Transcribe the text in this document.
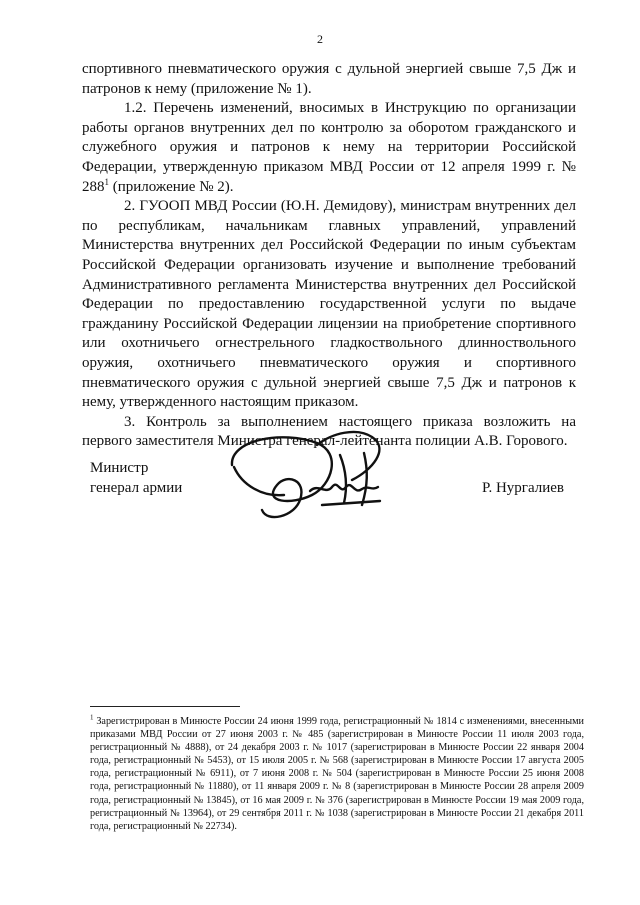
2

спортивного пневматического оружия с дульной энергией свыше 7,5 Дж и патронов к нему (приложение № 1).

1.2. Перечень изменений, вносимых в Инструкцию по организации работы органов внутренних дел по контролю за оборотом гражданского и служебного оружия и патронов к нему на территории Российской Федерации, утвержденную приказом МВД России от 12 апреля 1999 г. № $288^1$ (приложение № 2).

2. ГУООП МВД России (Ю.Н. Демидову), министрам внутренних дел по республикам, начальникам главных управлений, управлений Министерства внутренних дел Российской Федерации по иным субъектам Российской Федерации организовать изучение и выполнение требований Административного регламента Министерства внутренних дел Российской Федерации по предоставлению государственной услуги по выдаче гражданину Российской Федерации лицензии на приобретение спортивного или охотничьего огнестрельного гладкоствольного длинноствольного оружия, охотничьего пневматического оружия и спортивного пневматического оружия с дульной энергией свыше 7,5 Дж и патронов к нему, утвержденного настоящим приказом.

3. Контроль за выполнением настоящего приказа возложить на первого заместителя Министра генерал-лейтенанта полиции А.В. Горового.

Министр
генерал армии	Р. Нургалиев
$^1$ Зарегистрирован в Минюсте России 24 июня 1999 года, регистрационный № 1814 с изменениями, внесенными приказами МВД России от 27 июня 2003 г. № 485 (зарегистрирован в Минюсте России 11 июля 2003 года, регистрационный № 4888), от 24 декабря 2003 г. № 1017 (зарегистрирован в Минюсте России 22 января 2004 года, регистрационный № 5453), от 15 июля 2005 г. № 568 (зарегистрирован в Минюсте России 17 августа 2005 года, регистрационный № 6911), от 7 июня 2008 г. № 504 (зарегистрирован в Минюсте России 25 июня 2008 года, регистрационный № 11880), от 11 января 2009 г. № 8 (зарегистрирован в Минюсте России 28 апреля 2009 года, регистрационный № 13845), от 16 мая 2009 г. № 376 (зарегистрирован в Минюсте России 19 мая 2009 года, регистрационный № 13964), от 29 сентября 2011 г. № 1038 (зарегистрирован в Минюсте России 21 декабря 2011 года, регистрационный № 22734).
